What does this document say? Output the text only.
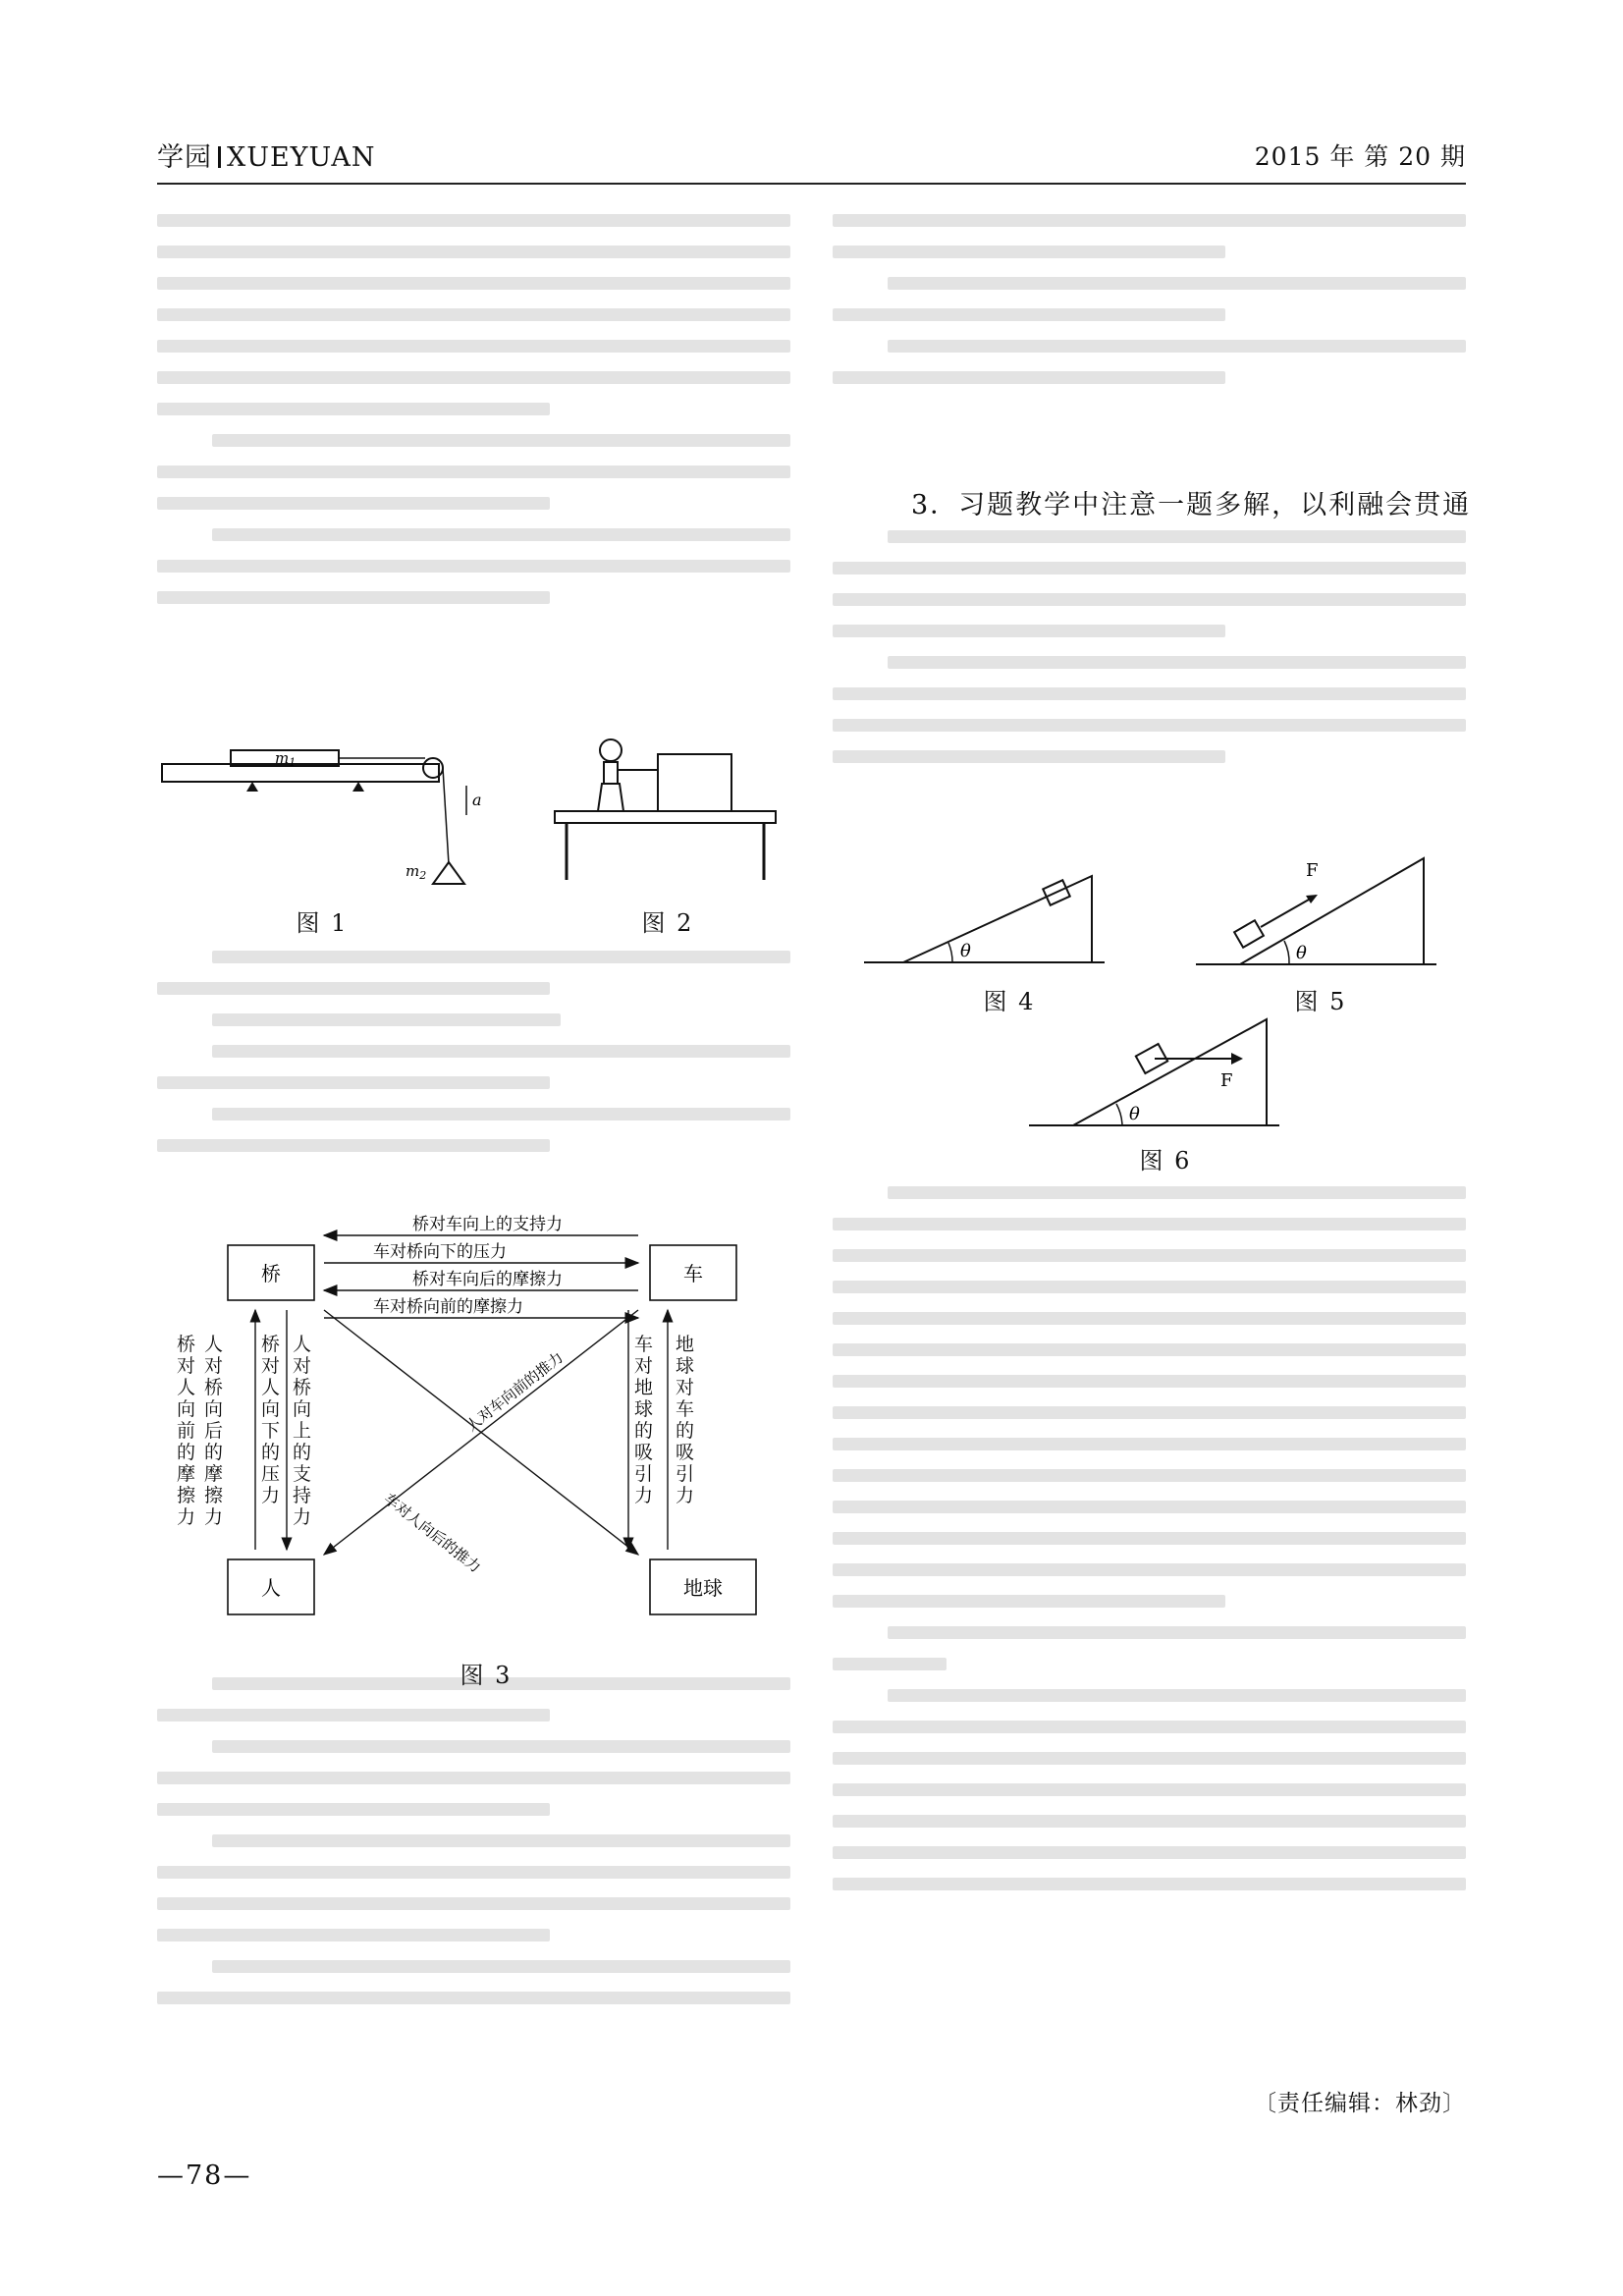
学园 XUEYUAN	2015 年 第 20 期
3．习题教学中注意一题多解，以利融会贯通
$m_1$
$m_2$
a
图 1	图 2
桥	车
人	地球
桥对车向上的支持力
车对桥向下的压力
桥对车向后的摩擦力
车对桥向前的摩擦力
人对车向前的推力
车对人向后的推力
桥对人向前的摩擦力
人对桥向后的摩擦力
桥对人向下的压力
人对桥向上的支持力
车对地球的吸引力
地球对车的吸引力
图 3
θ
图 4
F
θ
图 5
F
θ
图 6
〔责任编辑：林劲〕
—78—
